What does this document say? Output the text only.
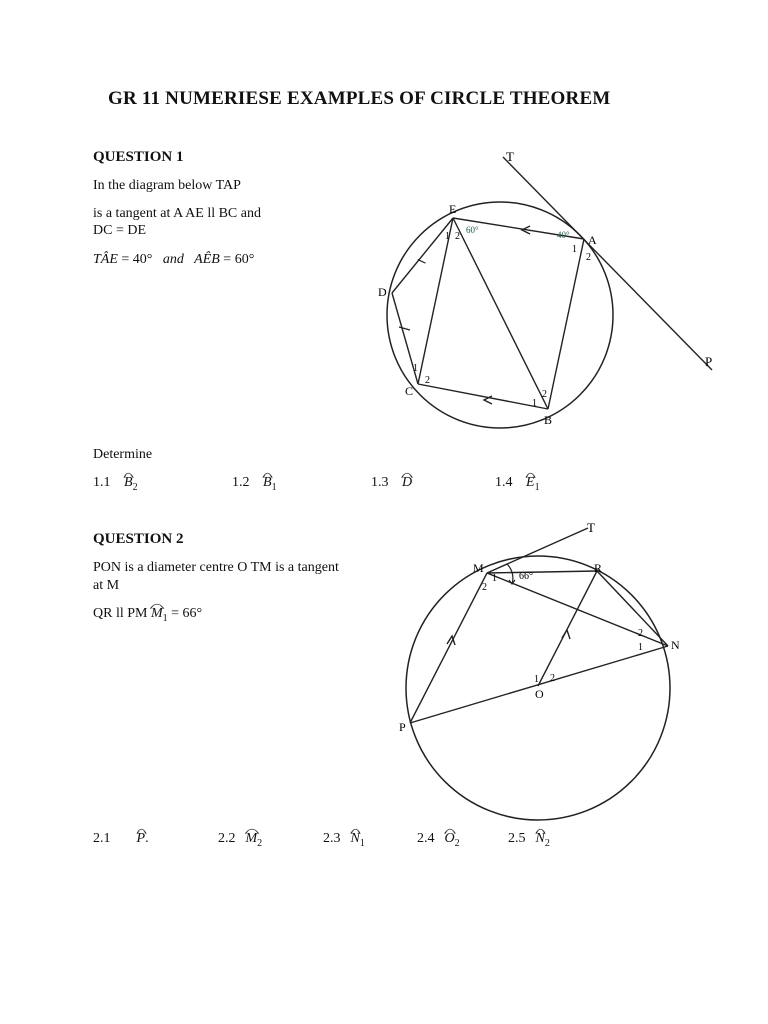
GR 11 NUMERIESE EXAMPLES OF CIRCLE THEOREM
QUESTION 1
In the diagram below TAP
is a tangent at A AE ll BC and
DC = DE
TÂE = 40° and AÊB = 60°
T
E
A
D
C
B
P
60°	40°
1 2
1
2
1
2
1
2
Determine
1.1 $B_2$	1.2 $B_1$	1.3 D	1.4 $E_1$
QUESTION 2
PON is a diameter centre O TM is a tangent
at M
QR ll PM $M_1 = 66^\circ$
T
M	R
N
O
P
66°
1
2
1
2
1 2
2.1 P.	2.2 $M_2$	2.3 $N_1$	2.4 $O_2$	2.5 $N_2$
